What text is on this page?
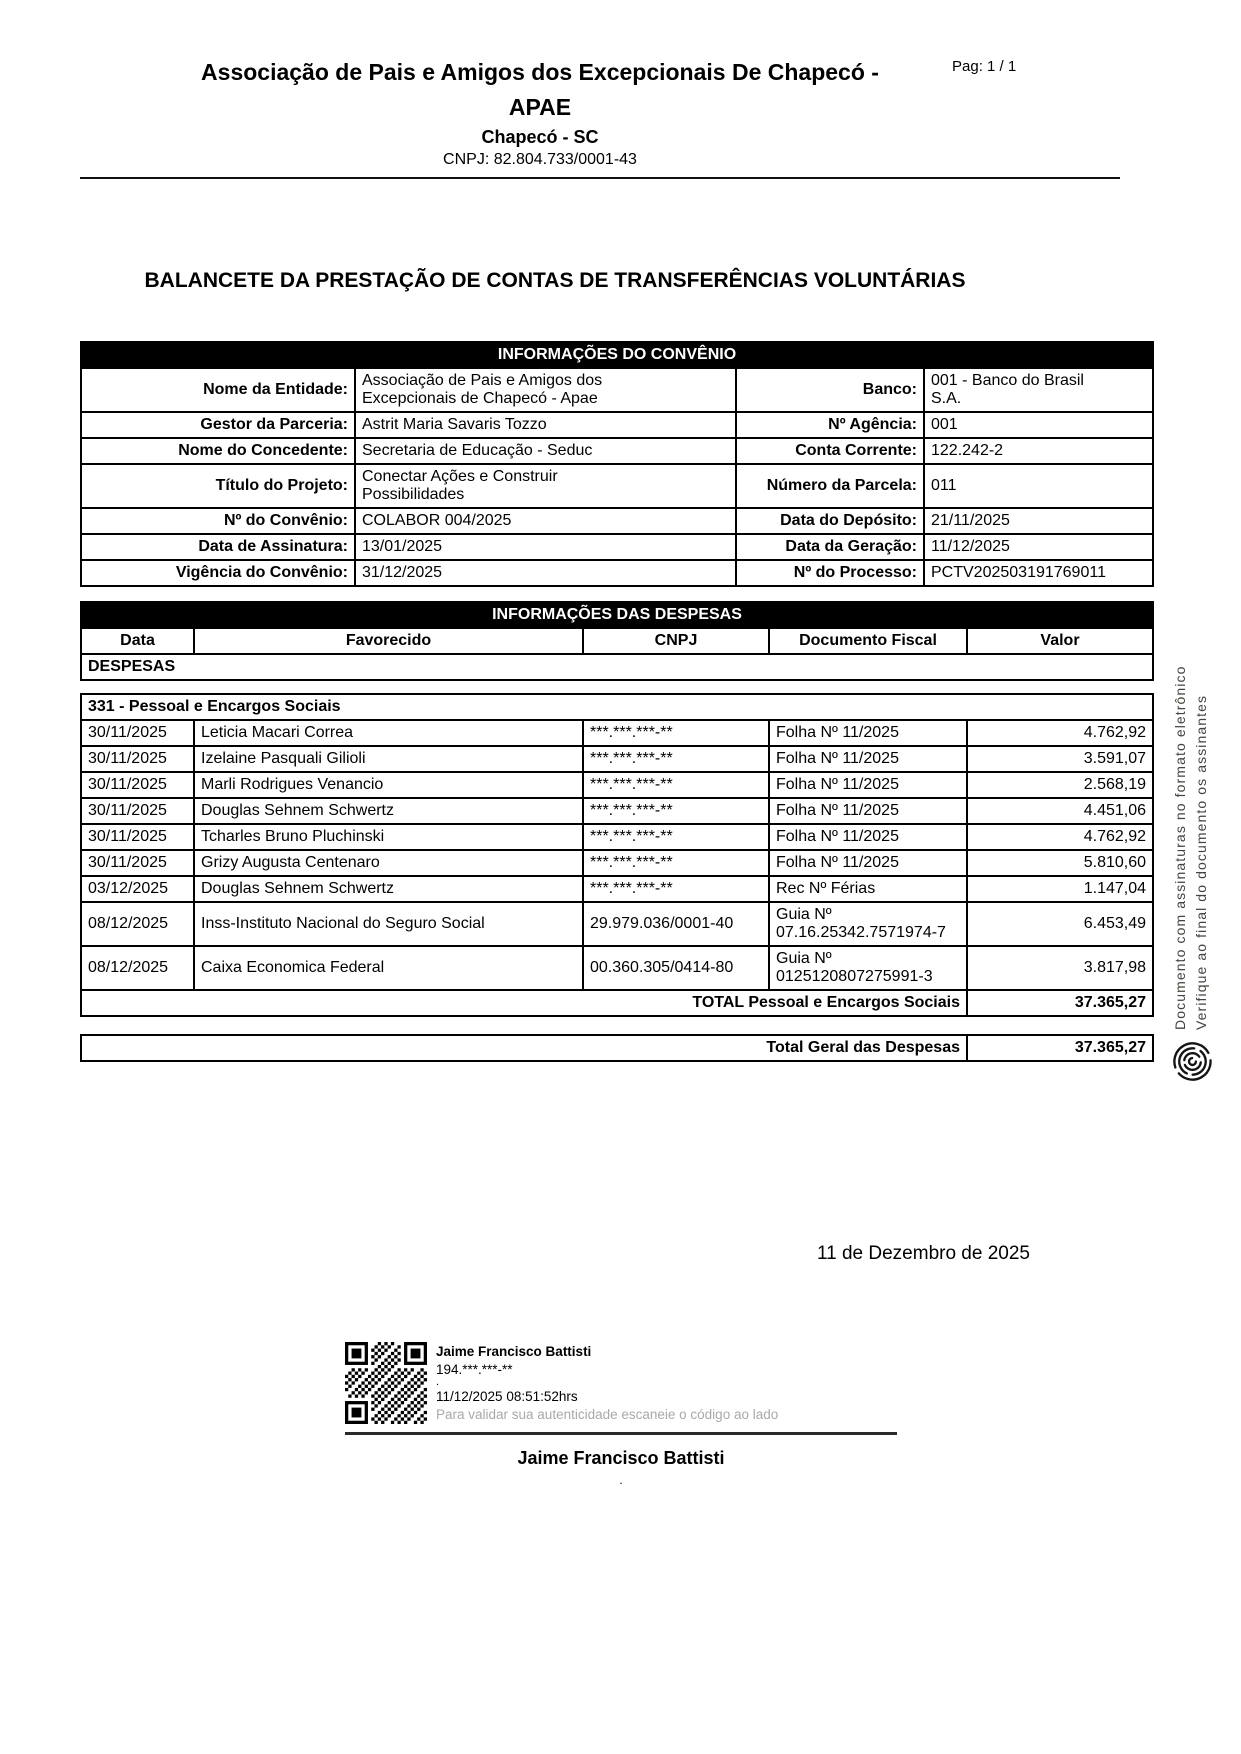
Pag: 1 / 1
Associação de Pais e Amigos dos Excepcionais De Chapecó - APAE
Chapecó - SC
CNPJ: 82.804.733/0001-43
BALANCETE DA PRESTAÇÃO DE CONTAS DE TRANSFERÊNCIAS VOLUNTÁRIAS
INFORMAÇÕES DO CONVÊNIO			
Nome da Entidade:	Associação de Pais e Amigos dos Excepcionais de Chapecó - Apae	Banco:	001 - Banco do Brasil S.A.
Gestor da Parceria:	Astrit Maria Savaris Tozzo	Nº Agência:	001
Nome do Concedente:	Secretaria de Educação - Seduc	Conta Corrente:	122.242-2
Título do Projeto:	Conectar Ações e Construir Possibilidades	Número da Parcela:	011
Nº do Convênio:	COLABOR 004/2025	Data do Depósito:	21/11/2025
Data de Assinatura:	13/01/2025	Data da Geração:	11/12/2025
Vigência do Convênio:	31/12/2025	Nº do Processo:	PCTV202503191769011
INFORMAÇÕES DAS DESPESAS
Data	Favorecido	CNPJ	Documento Fiscal	Valor
DESPESAS
331 - Pessoal e Encargos Sociais				
30/11/2025	Leticia Macari Correa	***.***.***-**	Folha Nº 11/2025	4.762,92
30/11/2025	Izelaine Pasquali Gilioli	***.***.***-**	Folha Nº 11/2025	3.591,07
30/11/2025	Marli Rodrigues Venancio	***.***.***-**	Folha Nº 11/2025	2.568,19
30/11/2025	Douglas Sehnem Schwertz	***.***.***-**	Folha Nº 11/2025	4.451,06
30/11/2025	Tcharles Bruno Pluchinski	***.***.***-**	Folha Nº 11/2025	4.762,92
30/11/2025	Grizy Augusta Centenaro	***.***.***-**	Folha Nº 11/2025	5.810,60
03/12/2025	Douglas Sehnem Schwertz	***.***.***-**	Rec Nº Férias	1.147,04
08/12/2025	Inss-Instituto Nacional do Seguro Social	29.979.036/0001-40	Guia Nº 07.16.25342.7571974-7	6.453,49
08/12/2025	Caixa Economica Federal	00.360.305/0414-80	Guia Nº 0125120807275991-3	3.817,98
TOTAL Pessoal e Encargos Sociais				37.365,27
Total Geral das Despesas	37.365,27
11 de Dezembro de 2025
Jaime Francisco Battisti
194.***.***-**
.
11/12/2025 08:51:52hrs
Para validar sua autenticidade escaneie o código ao lado
Jaime Francisco Battisti
.
Documento com assinaturas no formato eletrônico Verifique ao final do documento os assinantes
